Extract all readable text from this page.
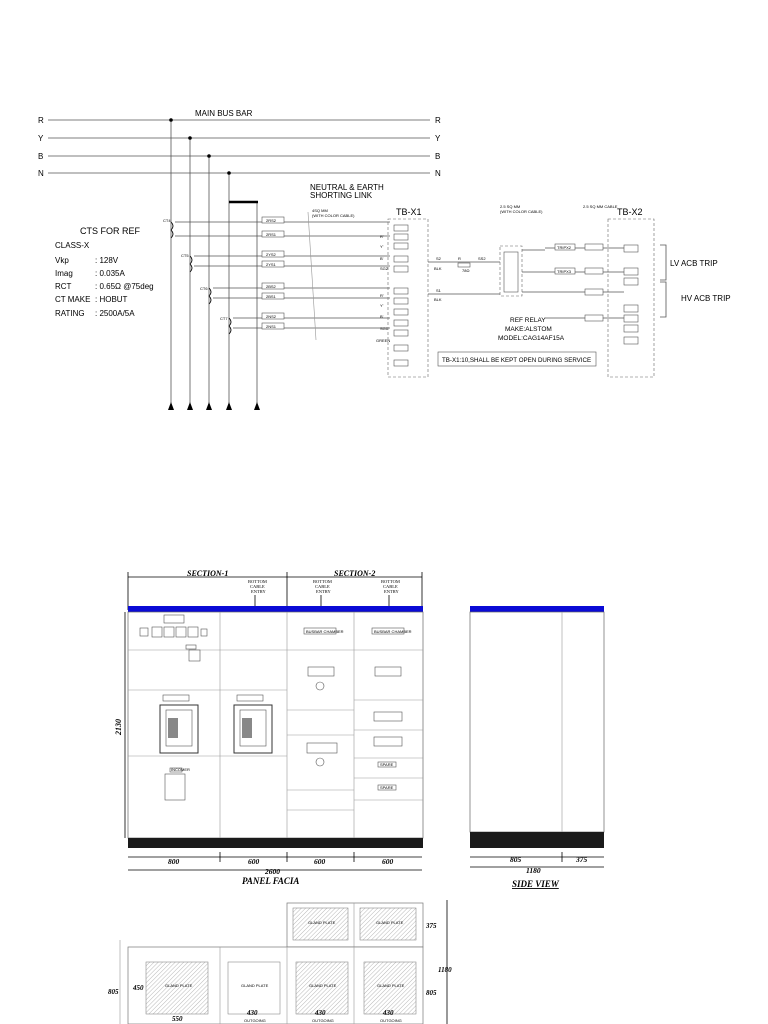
R
Y
B
N
R
Y
B
N
MAIN BUS BAR
NEUTRAL & EARTH
SHORTING LINK
CTS FOR REF
CLASS-X
Vkp	: 128V
Imag	: 0.035A
RCT	: 0.65Ω @75deg
CT MAKE : HOBUT
RATING : 2500A/5A
CT4
CT5
CT6
CT7
2RS2
2RS1
2YS2
2YS1
2BS2
2BS1
2NS2
2NS1
4SQ MM
(WITH COLOR CABLE)	TB-X1
R'
Y'
B'
SG2
R'
Y'
B'
SG1
GREEN
S2
BLK
R
78Ω
SS2
S1
BLK
2.5 SQ MM
(WITH COLOR CABLE)
2.5 SQ MM CABLE
REF RELAY
MAKE:ALSTOM
MODEL:CAG14AF15A
TB-X1:10,SHALL BE KEPT OPEN DURING SERVICE
TB-X2
TRIPX2
TRIPX3
LV ACB TRIP
HV ACB TRIP
SECTION-1	SECTION-2
BOTTOM
CABLE
ENTRY
BOTTOM
CABLE
ENTRY
BOTTOM
CABLE
ENTRY
INCOMER
BUSBAR CHAMBER	BUSBAR CHAMBER
SPARE
SPARE
2130
800	600	600	600
2600
PANEL FACIA
805	375
1180
SIDE VIEW
GLAND PLATE	GLAND PLATE
GLAND PLATE	GLAND PLATE	GLAND PLATE	GLAND PLATE
375
1180
805
805 450
550
430	430	430
OUTGOING	OUTGOING	OUTGOING
